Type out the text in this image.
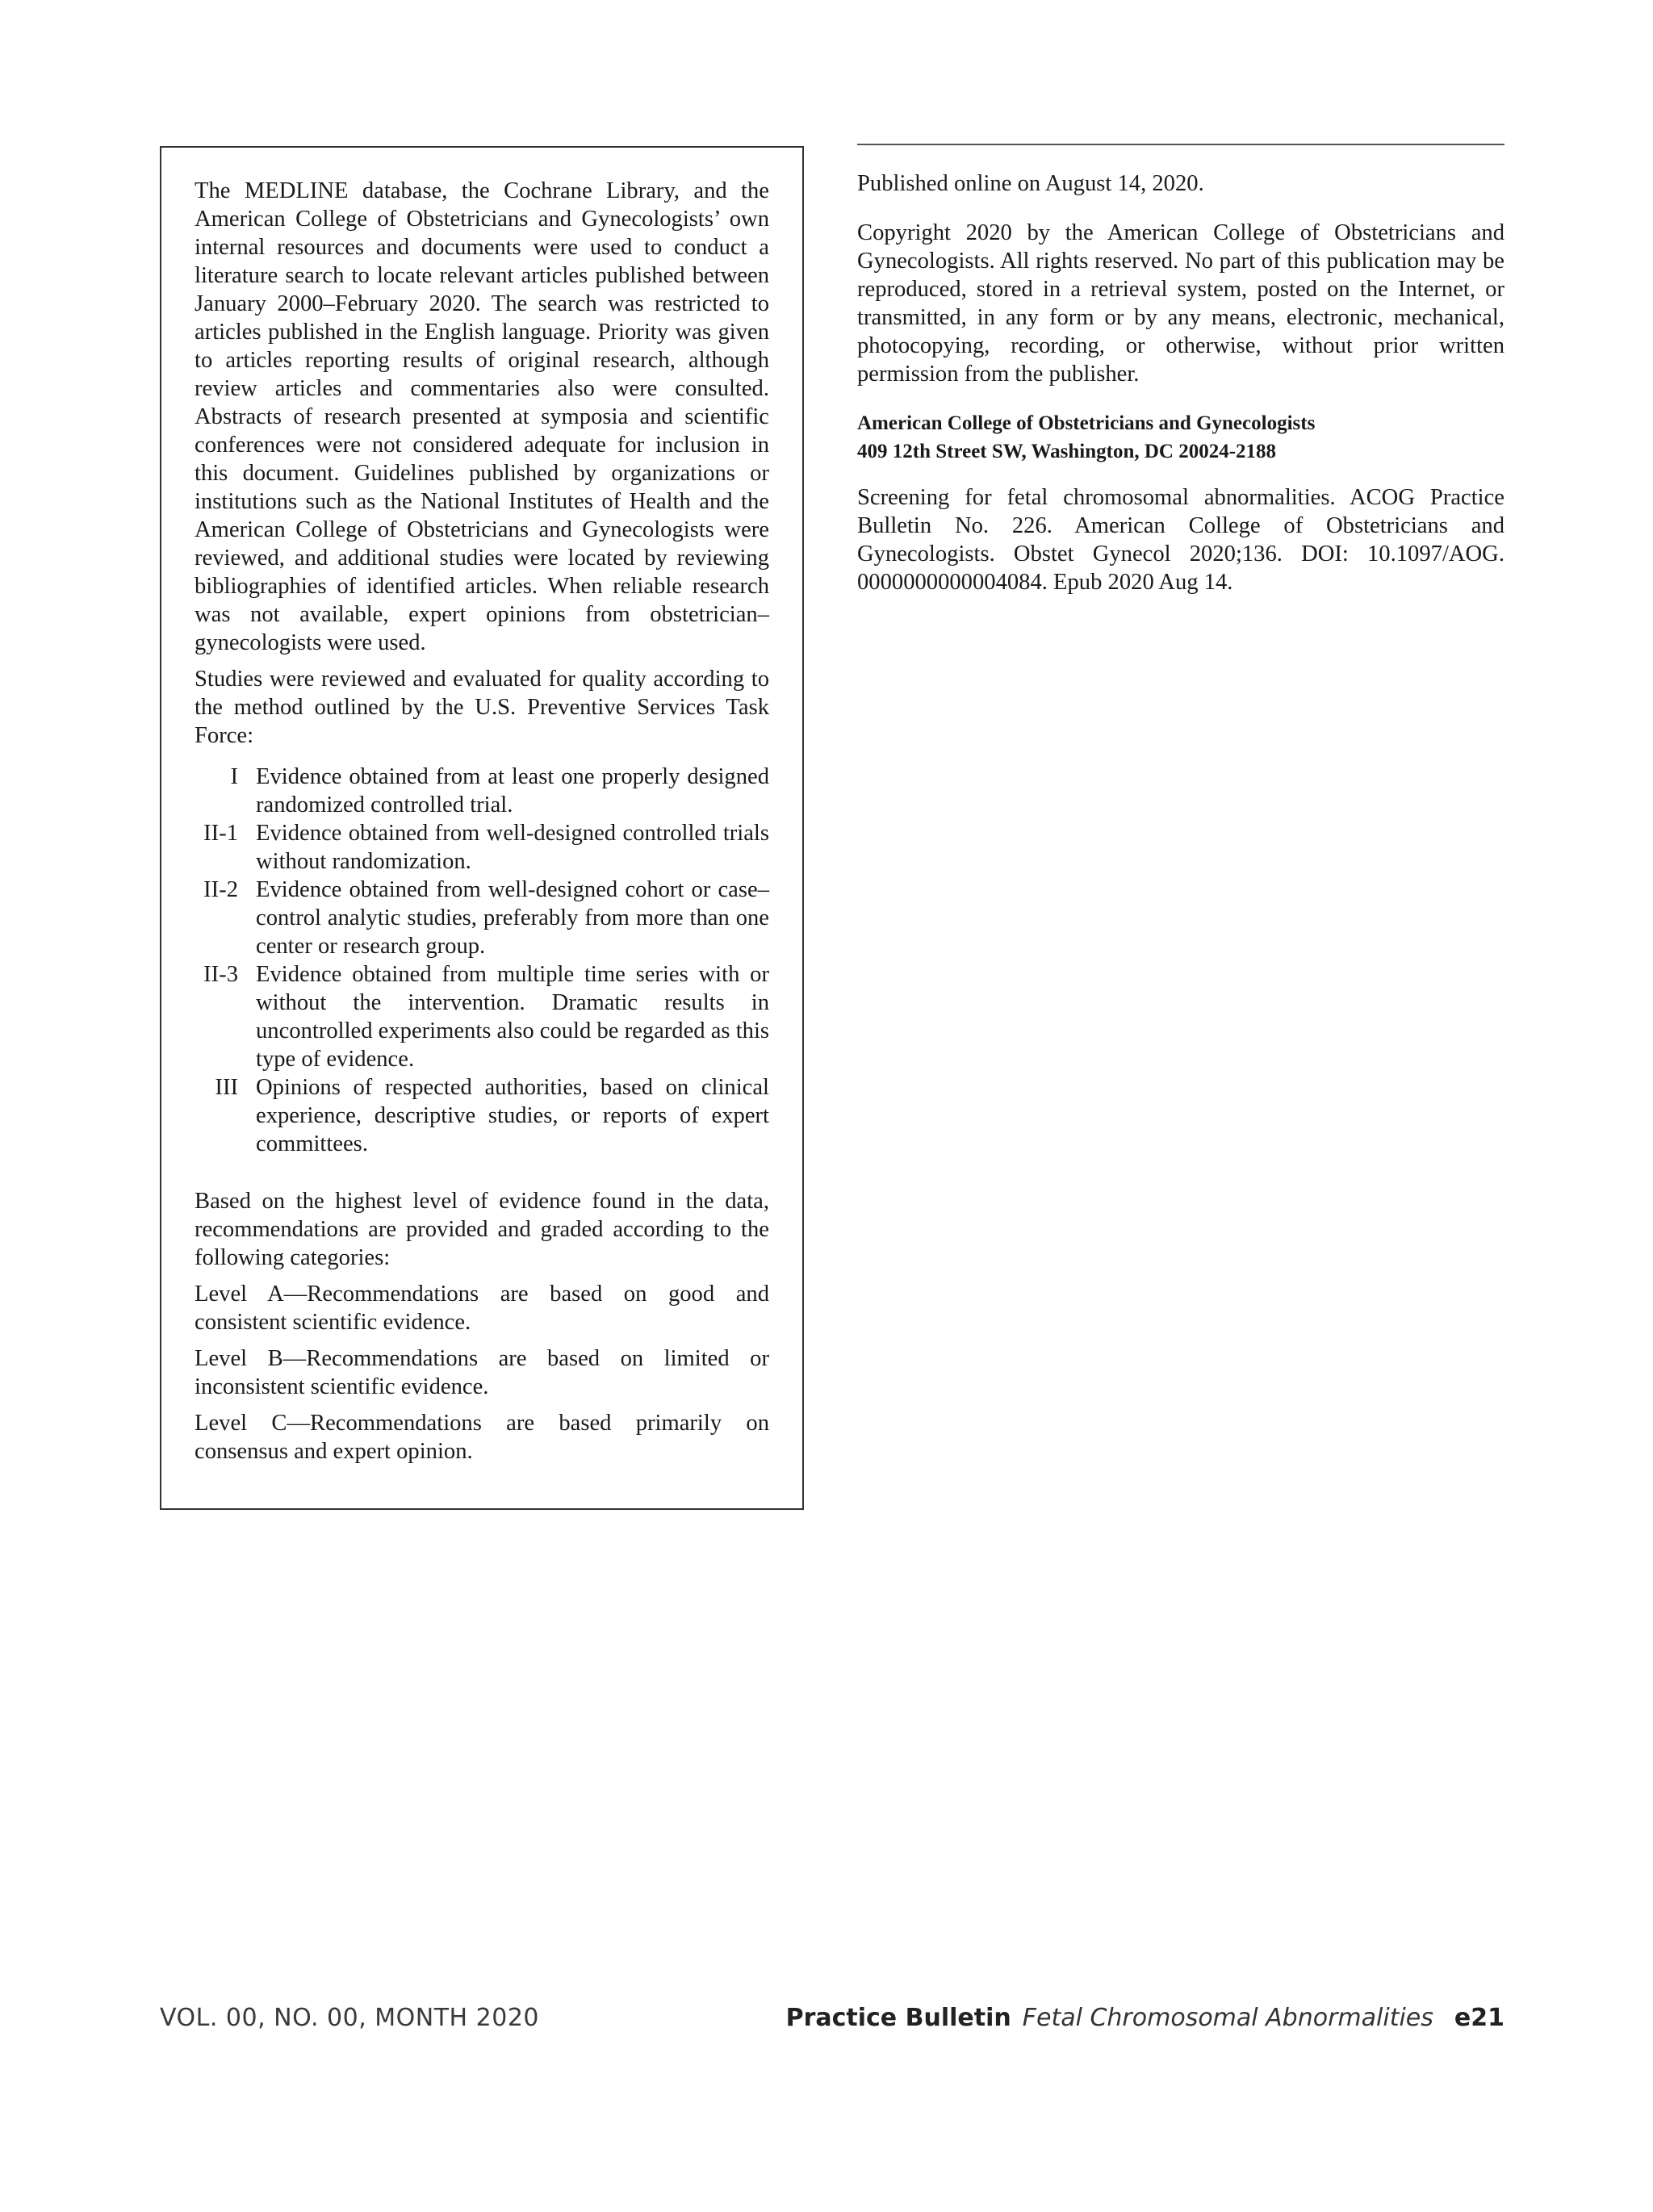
The MEDLINE database, the Cochrane Library, and the American College of Obstetricians and Gynecologists’ own internal resources and documents were used to conduct a literature search to locate relevant articles published between January 2000–February 2020. The search was restricted to articles published in the English language. Priority was given to articles reporting results of original research, although review articles and commentaries also were consulted. Abstracts of research presented at symposia and scientific conferences were not considered adequate for inclusion in this document. Guidelines published by organizations or institutions such as the National Institutes of Health and the American College of Obstetricians and Gynecologists were reviewed, and additional studies were located by reviewing bibliographies of identified articles. When reliable research was not available, expert opinions from obstetrician–gynecologists were used.

Studies were reviewed and evaluated for quality according to the method outlined by the U.S. Preventive Services Task Force:

I Evidence obtained from at least one properly designed randomized controlled trial.
II-1 Evidence obtained from well-designed controlled trials without randomization.
II-2 Evidence obtained from well-designed cohort or case–control analytic studies, preferably from more than one center or research group.
II-3 Evidence obtained from multiple time series with or without the intervention. Dramatic results in uncontrolled experiments also could be regarded as this type of evidence.
III Opinions of respected authorities, based on clinical experience, descriptive studies, or reports of expert committees.

Based on the highest level of evidence found in the data, recommendations are provided and graded according to the following categories:

Level A—Recommendations are based on good and consistent scientific evidence.

Level B—Recommendations are based on limited or inconsistent scientific evidence.

Level C—Recommendations are based primarily on consensus and expert opinion.

Published online on August 14, 2020.

Copyright 2020 by the American College of Obstetricians and Gynecologists. All rights reserved. No part of this publication may be reproduced, stored in a retrieval system, posted on the Internet, or transmitted, in any form or by any means, electronic, mechanical, photocopying, recording, or otherwise, without prior written permission from the publisher.

American College of Obstetricians and Gynecologists
409 12th Street SW, Washington, DC 20024-2188

Screening for fetal chromosomal abnormalities. ACOG Practice Bulletin No. 226. American College of Obstetricians and Gynecologists. Obstet Gynecol 2020;136. DOI: 10.1097/AOG. 0000000000004084. Epub 2020 Aug 14.

VOL. 00, NO. 00, MONTH 2020	Practice Bulletin Fetal Chromosomal Abnormalities e21
